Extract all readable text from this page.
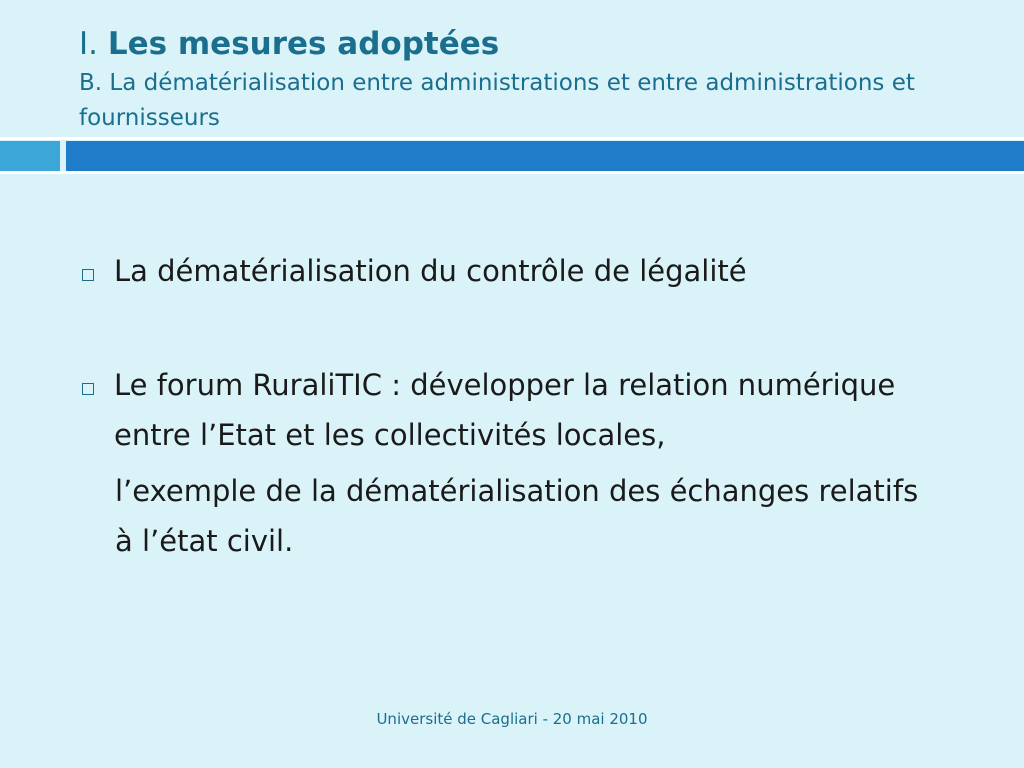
I. Les mesures adoptées
B. La dématérialisation entre administrations et entre administrations et fournisseurs
La dématérialisation du contrôle de légalité
Le forum RuraliTIC : développer la relation numérique entre l’Etat et les collectivités locales,
l’exemple de la dématérialisation des échanges relatifs à l’état civil.
Université de Cagliari - 20 mai 2010
